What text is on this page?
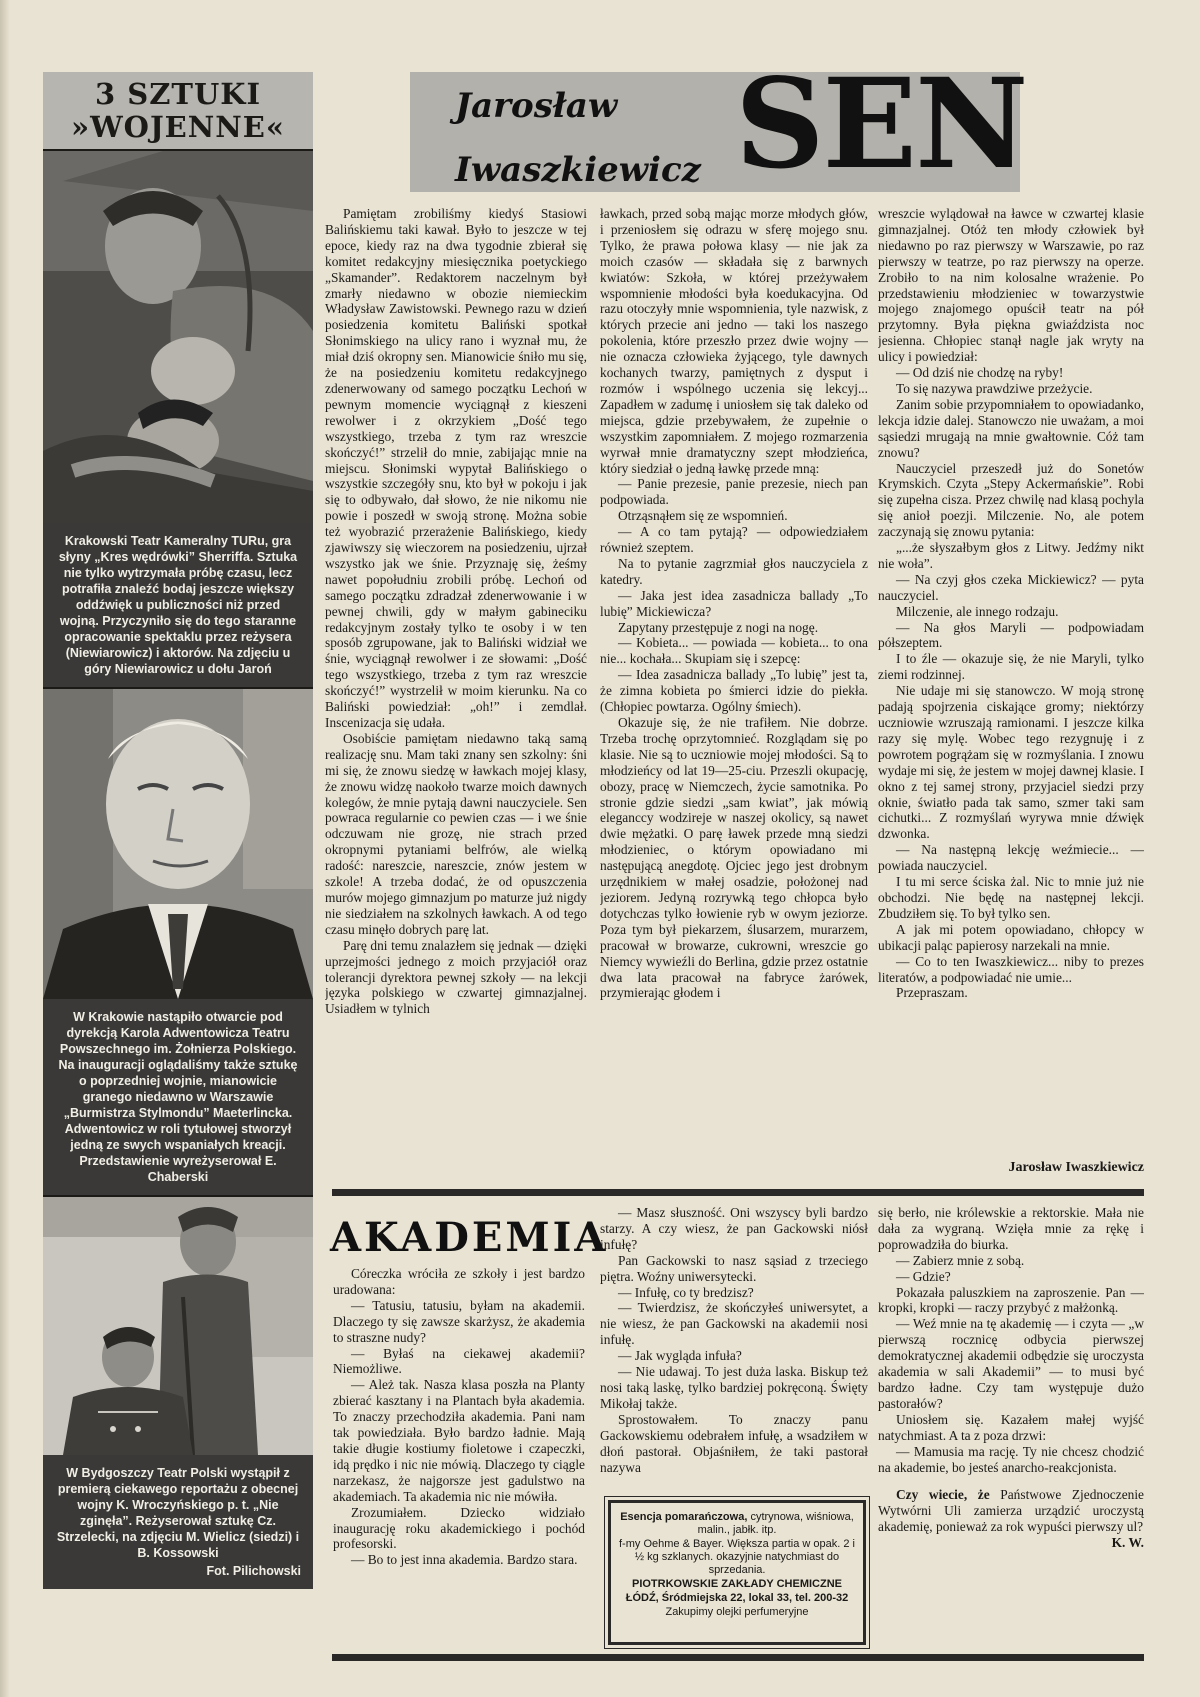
3 SZTUKI
»WOJENNE«
Krakowski Teatr Kameralny TURu, gra słyny „Kres wędrówki” Sherriffa. Sztuka nie tylko wytrzymała próbę czasu, lecz potrafiła znaleźć bodaj jeszcze większy oddźwięk u publiczności niż przed wojną. Przyczyniło się do tego staranne opracowanie spektaklu przez reżysera (Niewiarowicz) i aktorów. Na zdjęciu u góry Niewiarowicz u dołu Jaroń
W Krakowie nastąpiło otwarcie pod dyrekcją Karola Adwentowicza Teatru Powszechnego im. Żołnierza Polskiego. Na inauguracji oglądaliśmy także sztukę o poprzedniej wojnie, mianowicie granego niedawno w Warszawie „Burmistrza Stylmondu” Maeterlincka. Adwentowicz w roli tytułowej stworzył jedną ze swych wspaniałych kreacji. Przedstawienie wyreżyserował E. Chaberski
W Bydgoszczy Teatr Polski wystąpił z premierą ciekawego reportażu z obecnej wojny K. Wroczyńskiego p. t. „Nie zginęła”. Reżyserował sztukę Cz. Strzelecki, na zdjęciu M. Wielicz (siedzi) i B. Kossowski
Fot. Pilichowski
Jarosław
Iwaszkiewicz SEN

Pamiętam zrobiliśmy kiedyś Stasiowi Balińskiemu taki kawał. Było to jeszcze w tej epoce, kiedy raz na dwa tygodnie zbierał się komitet redakcyjny miesięcznika poetyckiego „Skamander”. Redaktorem naczelnym był zmarły niedawno w obozie niemieckim Władysław Zawistowski. Pewnego razu w dzień posiedzenia komitetu Baliński spotkał Słonimskiego na ulicy rano i wyznał mu, że miał dziś okropny sen. Mianowicie śniło mu się, że na posiedzeniu komitetu redakcyjnego zdenerwowany od samego początku Lechoń w pewnym momencie wyciągnął z kieszeni rewolwer i z okrzykiem „Dość tego wszystkiego, trzeba z tym raz wreszcie skończyć!” strzelił do mnie, zabijając mnie na miejscu. Słonimski wypytał Balińskiego o wszystkie szczegóły snu, kto był w pokoju i jak się to odbywało, dał słowo, że nie nikomu nie powie i poszedł w swoją stronę. Można sobie też wyobrazić przerażenie Balińskiego, kiedy zjawiwszy się wieczorem na posiedzeniu, ujrzał wszystko jak we śnie. Przyznaję się, żeśmy nawet popołudniu zrobili próbę. Lechoń od samego początku zdradzał zdenerwowanie i w pewnej chwili, gdy w małym gabineciku redakcyjnym zostały tylko te osoby i w ten sposób zgrupowane, jak to Baliński widział we śnie, wyciągnął rewolwer i ze słowami: „Dość tego wszystkiego, trzeba z tym raz wreszcie skończyć!” wystrzelił w moim kierunku. Na co Baliński powiedział: „oh!” i zemdlał. Inscenizacja się udała.

Osobiście pamiętam niedawno taką samą realizację snu. Mam taki znany sen szkolny: śni mi się, że znowu siedzę w ławkach mojej klasy, że znowu widzę naokoło twarze moich dawnych kolegów, że mnie pytają dawni nauczyciele. Sen powraca regularnie co pewien czas — i we śnie odczuwam nie grozę, nie strach przed okropnymi pytaniami belfrów, ale wielką radość: nareszcie, nareszcie, znów jestem w szkole! A trzeba dodać, że od opuszczenia murów mojego gimnazjum po maturze już nigdy nie siedziałem na szkolnych ławkach. A od tego czasu minęło dobrych parę lat.

Parę dni temu znalazłem się jednak — dzięki uprzejmości jednego z moich przyjaciół oraz tolerancji dyrektora pewnej szkoły — na lekcji języka polskiego w czwartej gimnazjalnej. Usiadłem w tylnich

ławkach, przed sobą mając morze młodych głów, i przeniosłem się odrazu w sferę mojego snu. Tylko, że prawa połowa klasy — nie jak za moich czasów — składała się z barwnych kwiatów: Szkoła, w której przeżywałem wspomnienie młodości była koedukacyjna. Od razu otoczyły mnie wspomnienia, tyle nazwisk, z których przecie ani jedno — taki los naszego pokolenia, które przeszło przez dwie wojny — nie oznacza człowieka żyjącego, tyle dawnych kochanych twarzy, pamiętnych z dysput i rozmów i wspólnego uczenia się lekcyj... Zapadłem w zadumę i uniosłem się tak daleko od miejsca, gdzie przebywałem, że zupełnie o wszystkim zapomniałem. Z mojego rozmarzenia wyrwał mnie dramatyczny szept młodzieńca, który siedział o jedną ławkę przede mną:

— Panie prezesie, panie prezesie, niech pan podpowiada.

Otrząsnąłem się ze wspomnień.

— A co tam pytają? — odpowiedziałem również szeptem.

Na to pytanie zagrzmiał głos nauczyciela z katedry.

— Jaka jest idea zasadnicza ballady „To lubię” Mickiewicza?

Zapytany przestępuje z nogi na nogę.

— Kobieta... — powiada — kobieta... to ona nie... kochała... Skupiam się i szepcę:

— Idea zasadnicza ballady „To lubię” jest ta, że zimna kobieta po śmierci idzie do piekła. (Chłopiec powtarza. Ogólny śmiech).

Okazuje się, że nie trafiłem. Nie dobrze. Trzeba trochę oprzytomnieć. Rozglądam się po klasie. Nie są to uczniowie mojej młodości. Są to młodzieńcy od lat 19—25-ciu. Przeszli okupację, obozy, pracę w Niemczech, życie samotnika. Po stronie gdzie siedzi „sam kwiat”, jak mówią eleganccy wodzireje w naszej okolicy, są nawet dwie mężatki. O parę ławek przede mną siedzi młodzieniec, o którym opowiadano mi następującą anegdotę. Ojciec jego jest drobnym urzędnikiem w małej osadzie, położonej nad jeziorem. Jedyną rozrywką tego chłopca było dotychczas tylko łowienie ryb w owym jeziorze. Poza tym był piekarzem, ślusarzem, murarzem, pracował w browarze, cukrowni, wreszcie go Niemcy wywieźli do Berlina, gdzie przez ostatnie dwa lata pracował na fabryce żarówek, przymierając głodem i

wreszcie wylądował na ławce w czwartej klasie gimnazjalnej. Otóż ten młody człowiek był niedawno po raz pierwszy w Warszawie, po raz pierwszy w teatrze, po raz pierwszy na operze. Zrobiło to na nim kolosalne wrażenie. Po przedstawieniu młodzieniec w towarzystwie mojego znajomego opuścił teatr na pół przytomny. Była piękna gwiaździsta noc jesienna. Chłopiec stanął nagle jak wryty na ulicy i powiedział:

— Od dziś nie chodzę na ryby!

To się nazywa prawdziwe przeżycie.

Zanim sobie przypomniałem to opowiadanko, lekcja idzie dalej. Stanowczo nie uważam, a moi sąsiedzi mrugają na mnie gwałtownie. Cóż tam znowu?

Nauczyciel przeszedł już do Sonetów Krymskich. Czyta „Stepy Ackermańskie”. Robi się zupełna cisza. Przez chwilę nad klasą pochyla się anioł poezji. Milczenie. No, ale potem zaczynają się znowu pytania:

„...że słyszałbym głos z Litwy. Jedźmy nikt nie woła”.

— Na czyj głos czeka Mickiewicz? — pyta nauczyciel.

Milczenie, ale innego rodzaju.

— Na głos Maryli — podpowiadam półszeptem.

I to źle — okazuje się, że nie Maryli, tylko ziemi rodzinnej.

Nie udaje mi się stanowczo. W moją stronę padają spojrzenia ciskające gromy; niektórzy uczniowie wzruszają ramionami. I jeszcze kilka razy się mylę. Wobec tego rezygnuję i z powrotem pogrążam się w rozmyślania. I znowu wydaje mi się, że jestem w mojej dawnej klasie. I okno z tej samej strony, przyjaciel siedzi przy oknie, światło pada tak samo, szmer taki sam cichutki... Z rozmyślań wyrywa mnie dźwięk dzwonka.

— Na następną lekcję weźmiecie... — powiada nauczyciel.

I tu mi serce ściska żal. Nic to mnie już nie obchodzi. Nie będę na następnej lekcji. Zbudziłem się. To był tylko sen.

A jak mi potem opowiadano, chłopcy w ubikacji paląc papierosy narzekali na mnie.

— Co to ten Iwaszkiewicz... niby to prezes literatów, a podpowiadać nie umie...

Przepraszam.

Jarosław Iwaszkiewicz
AKADEMIA

Córeczka wróciła ze szkoły i jest bardzo uradowana:

— Tatusiu, tatusiu, byłam na akademii. Dlaczego ty się zawsze skarżysz, że akademia to straszne nudy?

— Byłaś na ciekawej akademii? Niemożliwe.

— Ależ tak. Nasza klasa poszła na Planty zbierać kasztany i na Plantach była akademia. To znaczy przechodziła akademia. Pani nam tak powiedziała. Było bardzo ładnie. Mają takie długie kostiumy fioletowe i czapeczki, idą prędko i nic nie mówią. Dlaczego ty ciągle narzekasz, że najgorsze jest gadulstwo na akademiach. Ta akademia nic nie mówiła.

Zrozumiałem. Dziecko widziało inaugurację roku akademickiego i pochód profesorski.

— Bo to jest inna akademia. Bardzo stara.

— Masz słuszność. Oni wszyscy byli bardzo starzy. A czy wiesz, że pan Gackowski niósł infułę?

Pan Gackowski to nasz sąsiad z trzeciego piętra. Woźny uniwersytecki.

— Infułę, co ty bredzisz?

— Twierdzisz, że skończyłeś uniwersytet, a nie wiesz, że pan Gackowski na akademii nosi infułę.

— Jak wygląda infuła?

— Nie udawaj. To jest duża laska. Biskup też nosi taką laskę, tylko bardziej pokręconą. Święty Mikołaj także.

Sprostowałem. To znaczy panu Gackowskiemu odebrałem infułę, a wsadziłem w dłoń pastorał. Objaśniłem, że taki pastorał nazywa

Esencja pomarańczowa, cytrynowa, wiśniowa, malin., jabłk. itp.
f-my Oehme & Bayer. Większa partia w opak. 2 i ½ kg szklanych. okazyjnie natychmiast do sprzedania.
PIOTRKOWSKIE ZAKŁADY CHEMICZNE
ŁÓDŹ, Śródmiejska 22, lokal 33, tel. 200-32
Zakupimy olejki perfumeryjne

się berło, nie królewskie a rektorskie. Mała nie dała za wygraną. Wzięła mnie za rękę i poprowadziła do biurka.

— Zabierz mnie z sobą.

— Gdzie?

Pokazała paluszkiem na zaproszenie. Pan — kropki, kropki — raczy przybyć z małżonką.

— Weź mnie na tę akademię — i czyta — „w pierwszą rocznicę odbycia pierwszej demokratycznej akademii odbędzie się uroczysta akademia w sali Akademii” — to musi być bardzo ładne. Czy tam występuje dużo pastorałów?

Uniosłem się. Kazałem małej wyjść natychmiast. A ta z poza drzwi:

— Mamusia ma rację. Ty nie chcesz chodzić na akademie, bo jesteś anarcho-reakcjonista.

Czy wiecie, że Państwowe Zjednoczenie Wytwórni Uli zamierza urządzić uroczystą akademię, ponieważ za rok wypuści pierwszy ul?

K. W.
